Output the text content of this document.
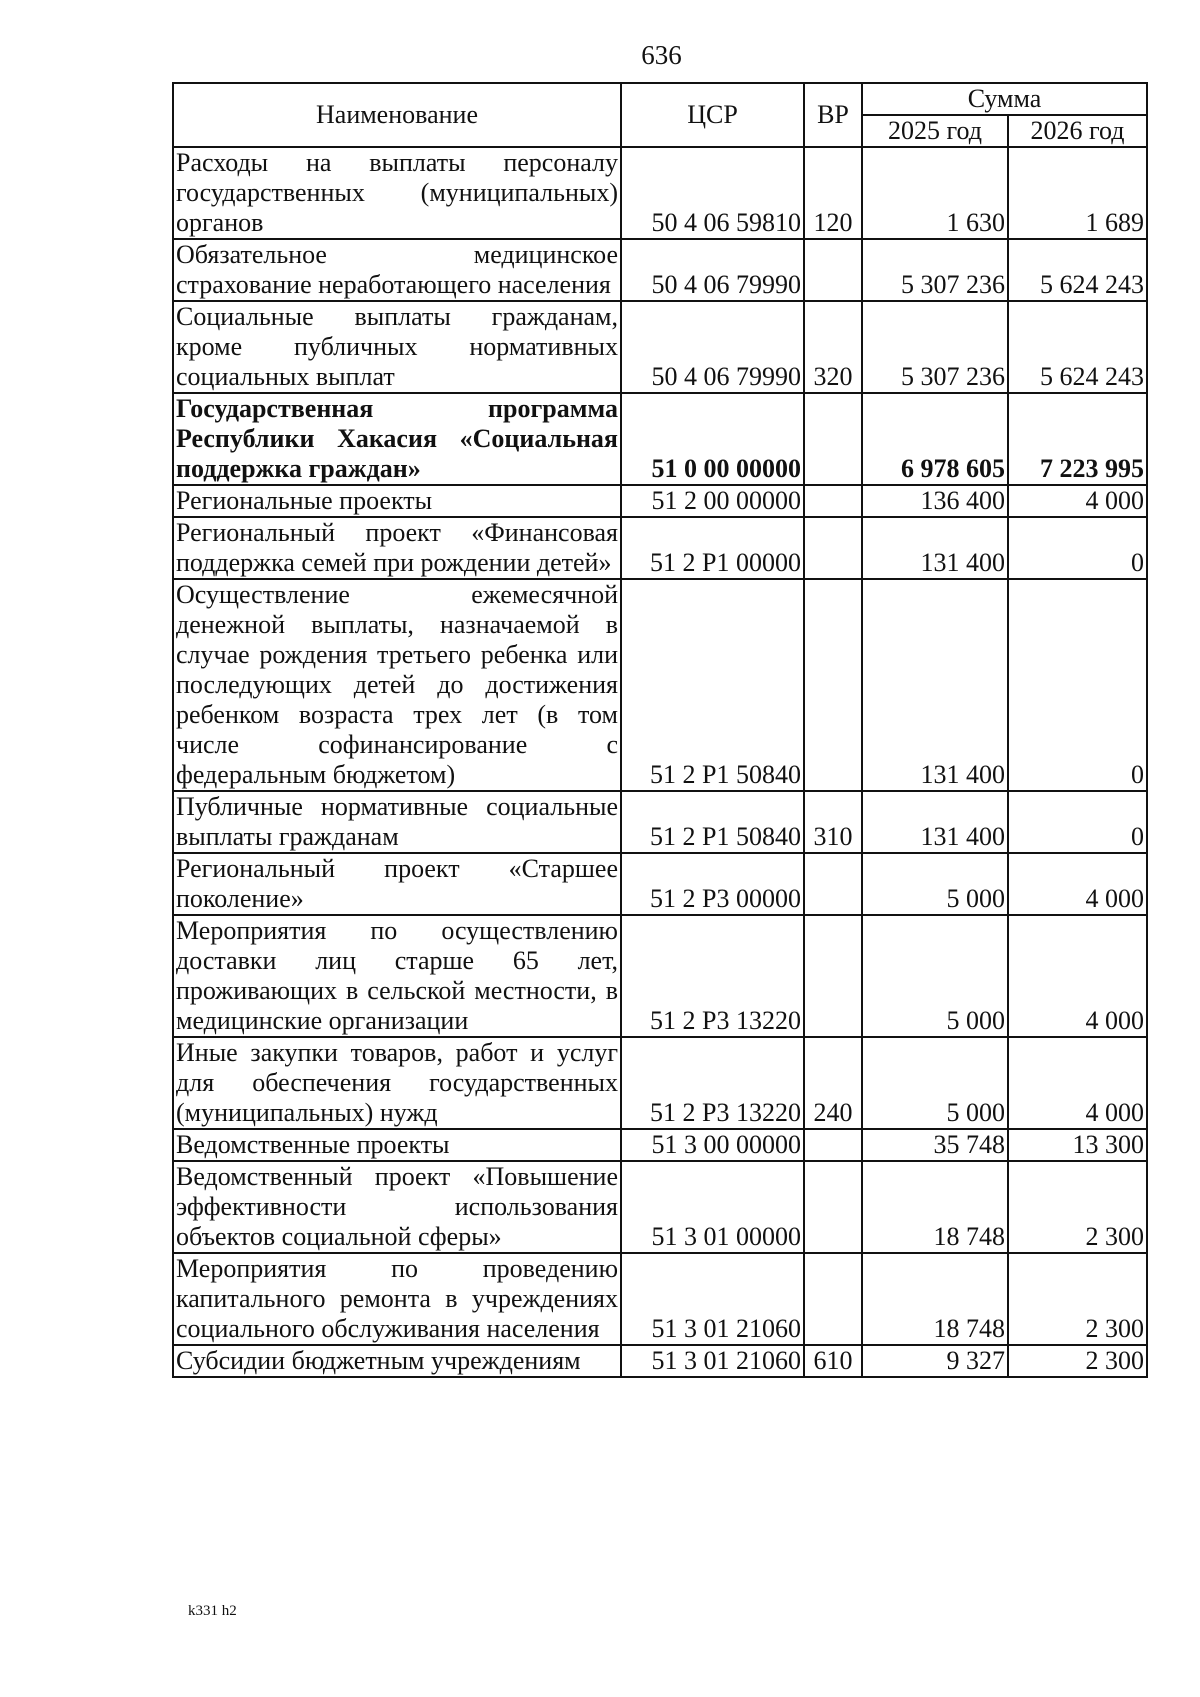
636
Наименование	ЦСР	ВР	Сумма	
			2025 год	2026 год
Расходы на выплаты персоналу государственных (муниципальных) органов	50 4 06 59810	120	1 630	1 689
Обязательное медицинское страхование неработающего населения	50 4 06 79990		5 307 236	5 624 243
Социальные выплаты гражданам, кроме публичных нормативных социальных выплат	50 4 06 79990	320	5 307 236	5 624 243
Государственная программа Республики Хакасия «Социальная поддержка граждан»	51 0 00 00000		6 978 605	7 223 995
Региональные проекты	51 2 00 00000		136 400	4 000
Региональный проект «Финансовая поддержка семей при рождении детей»	51 2 P1 00000		131 400	0
Осуществление ежемесячной денежной выплаты, назначаемой в случае рождения третьего ребенка или последующих детей до достижения ребенком возраста трех лет (в том числе софинансирование с федеральным бюджетом)	51 2 P1 50840		131 400	0
Публичные нормативные социальные выплаты гражданам	51 2 P1 50840	310	131 400	0
Региональный проект «Старшее поколение»	51 2 P3 00000		5 000	4 000
Мероприятия по осуществлению доставки лиц старше 65 лет, проживающих в сельской местности, в медицинские организации	51 2 P3 13220		5 000	4 000
Иные закупки товаров, работ и услуг для обеспечения государственных (муниципальных) нужд	51 2 P3 13220	240	5 000	4 000
Ведомственные проекты	51 3 00 00000		35 748	13 300
Ведомственный проект «Повышение эффективности использования объектов социальной сферы»	51 3 01 00000		18 748	2 300
Мероприятия по проведению капитального ремонта в учреждениях социального обслуживания населения	51 3 01 21060		18 748	2 300
Субсидии бюджетным учреждениям	51 3 01 21060	610	9 327	2 300
k331 h2
